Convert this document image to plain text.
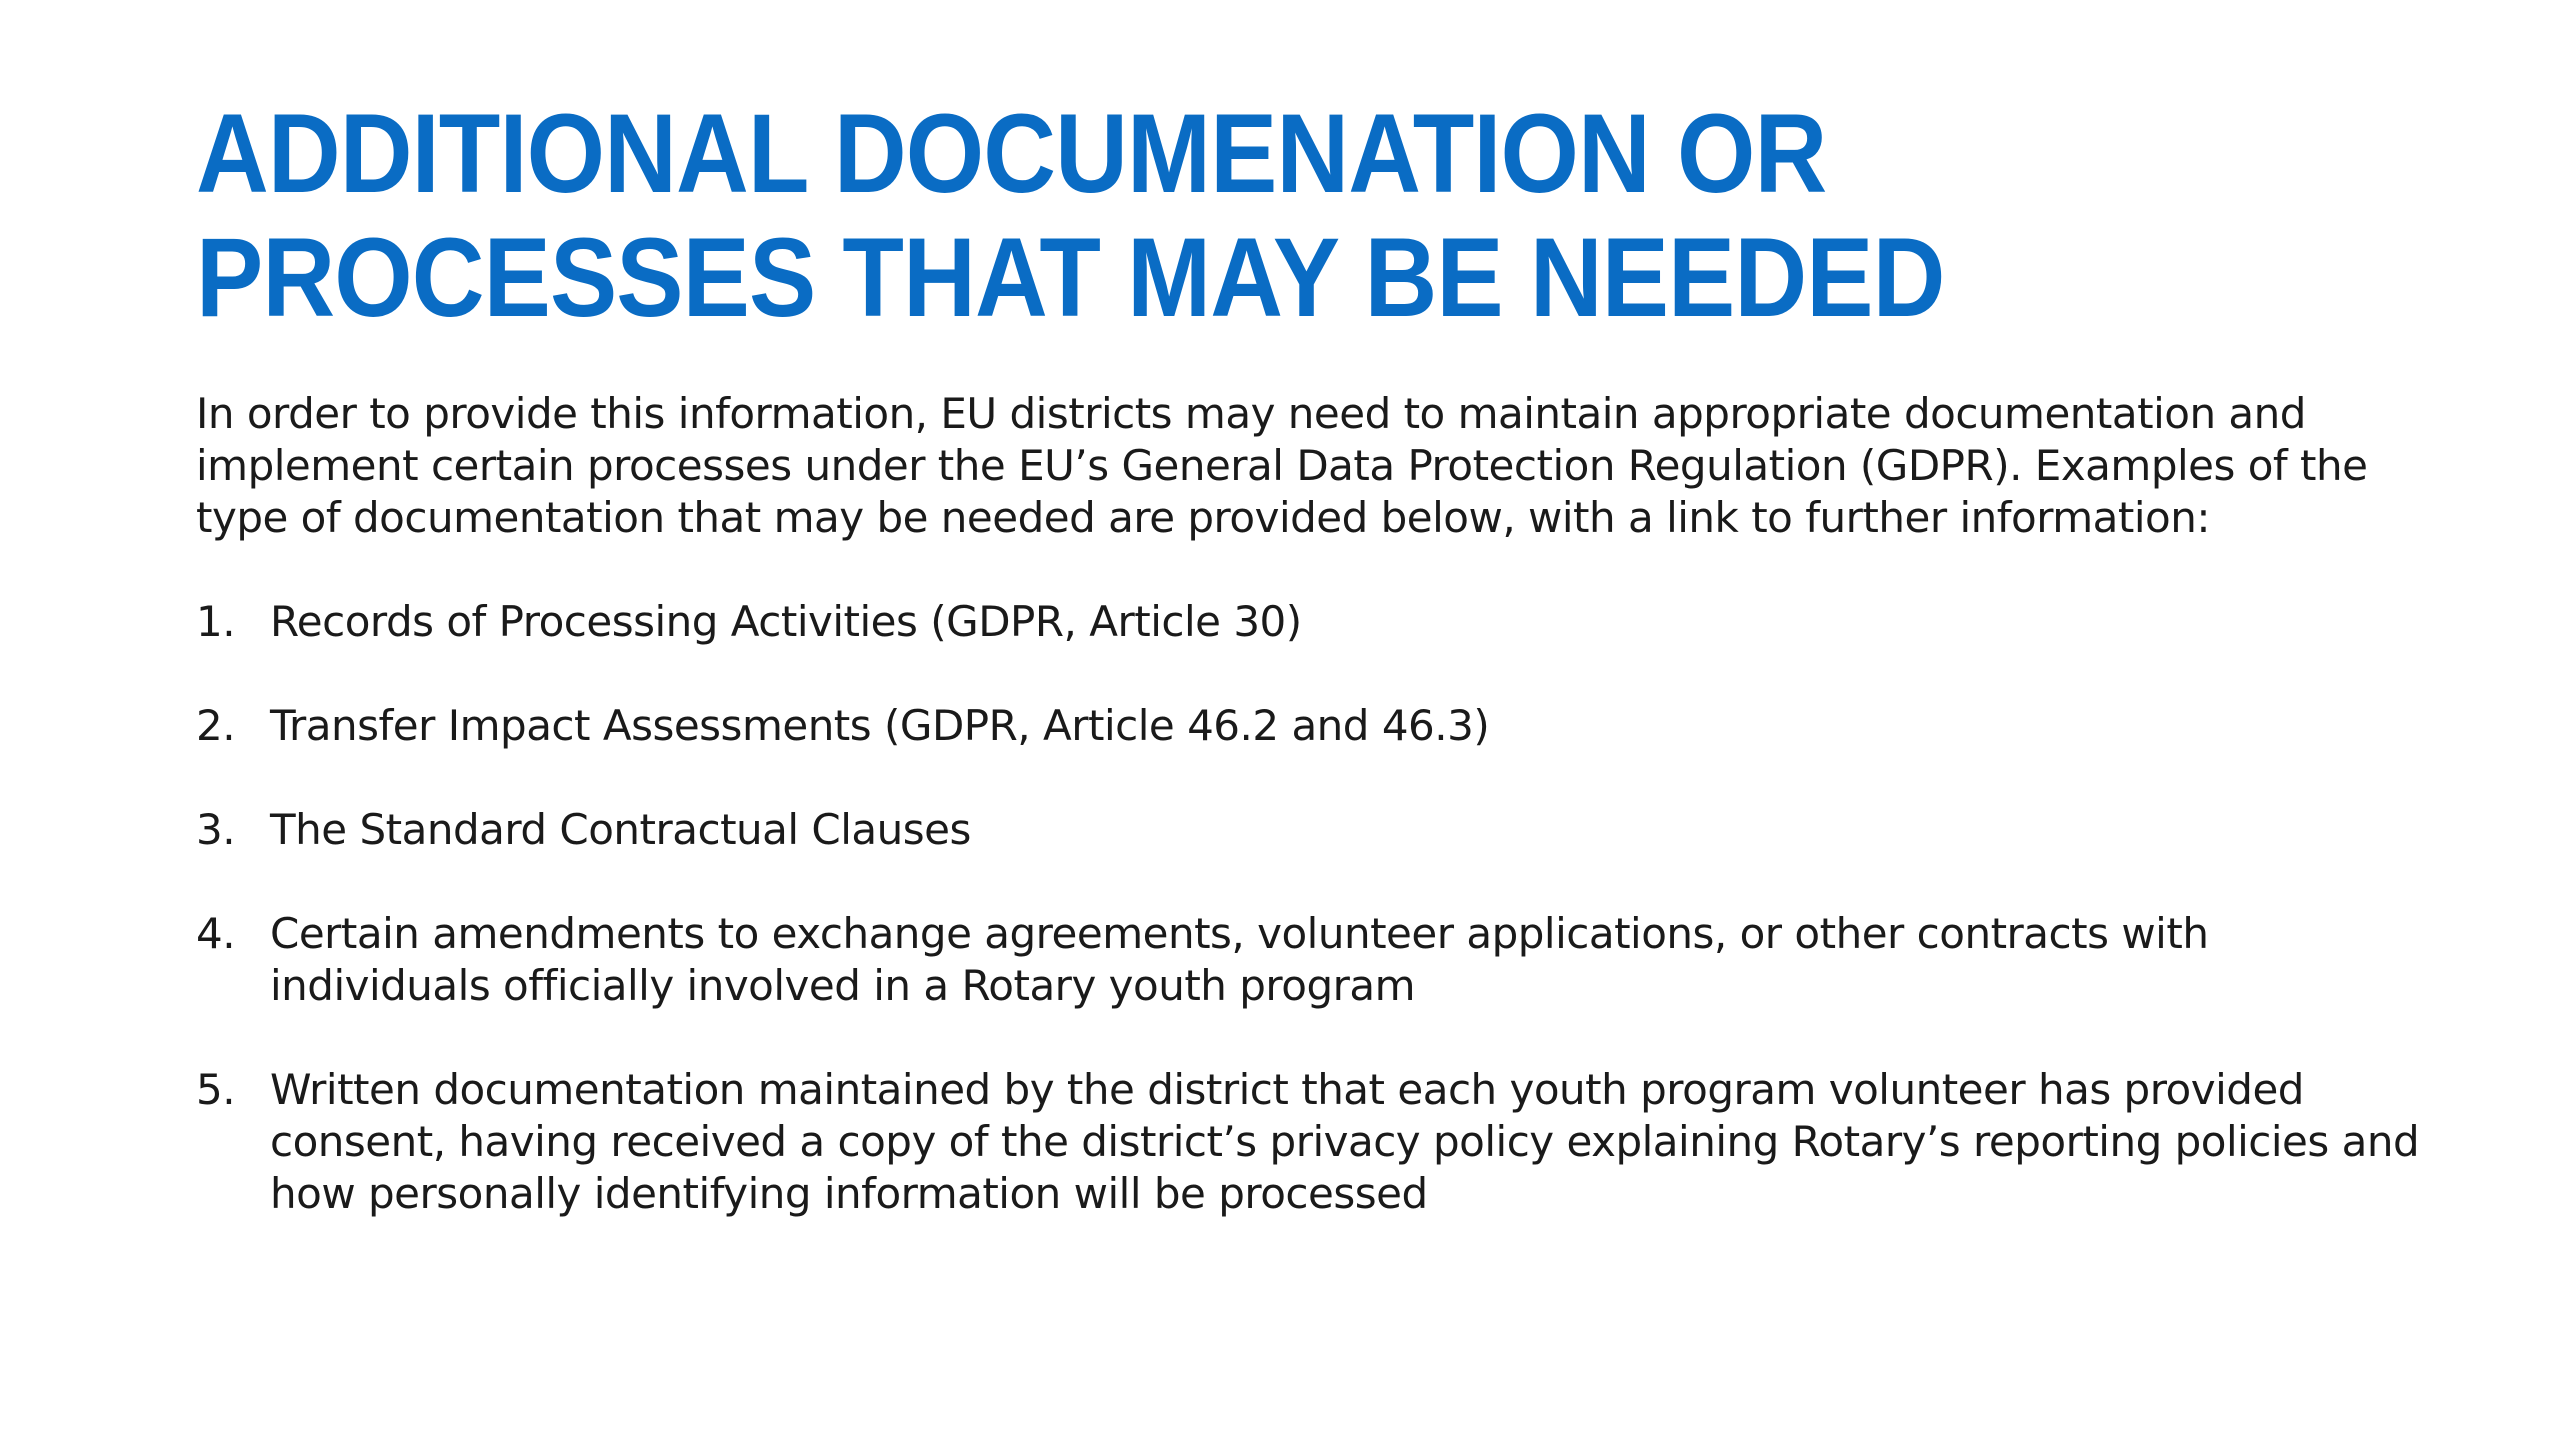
ADDITIONAL DOCUMENATION OR
PROCESSES THAT MAY BE NEEDED

In order to provide this information, EU districts may need to maintain appropriate documentation and implement certain processes under the EU’s General Data Protection Regulation (GDPR). Examples of the type of documentation that may be needed are provided below, with a link to further information:

1. Records of Processing Activities (GDPR, Article 30)
2. Transfer Impact Assessments (GDPR, Article 46.2 and 46.3)
3. The Standard Contractual Clauses
4. Certain amendments to exchange agreements, volunteer applications, or other contracts with individuals officially involved in a Rotary youth program
5. Written documentation maintained by the district that each youth program volunteer has provided consent, having received a copy of the district’s privacy policy explaining Rotary’s reporting policies and how personally identifying information will be processed
